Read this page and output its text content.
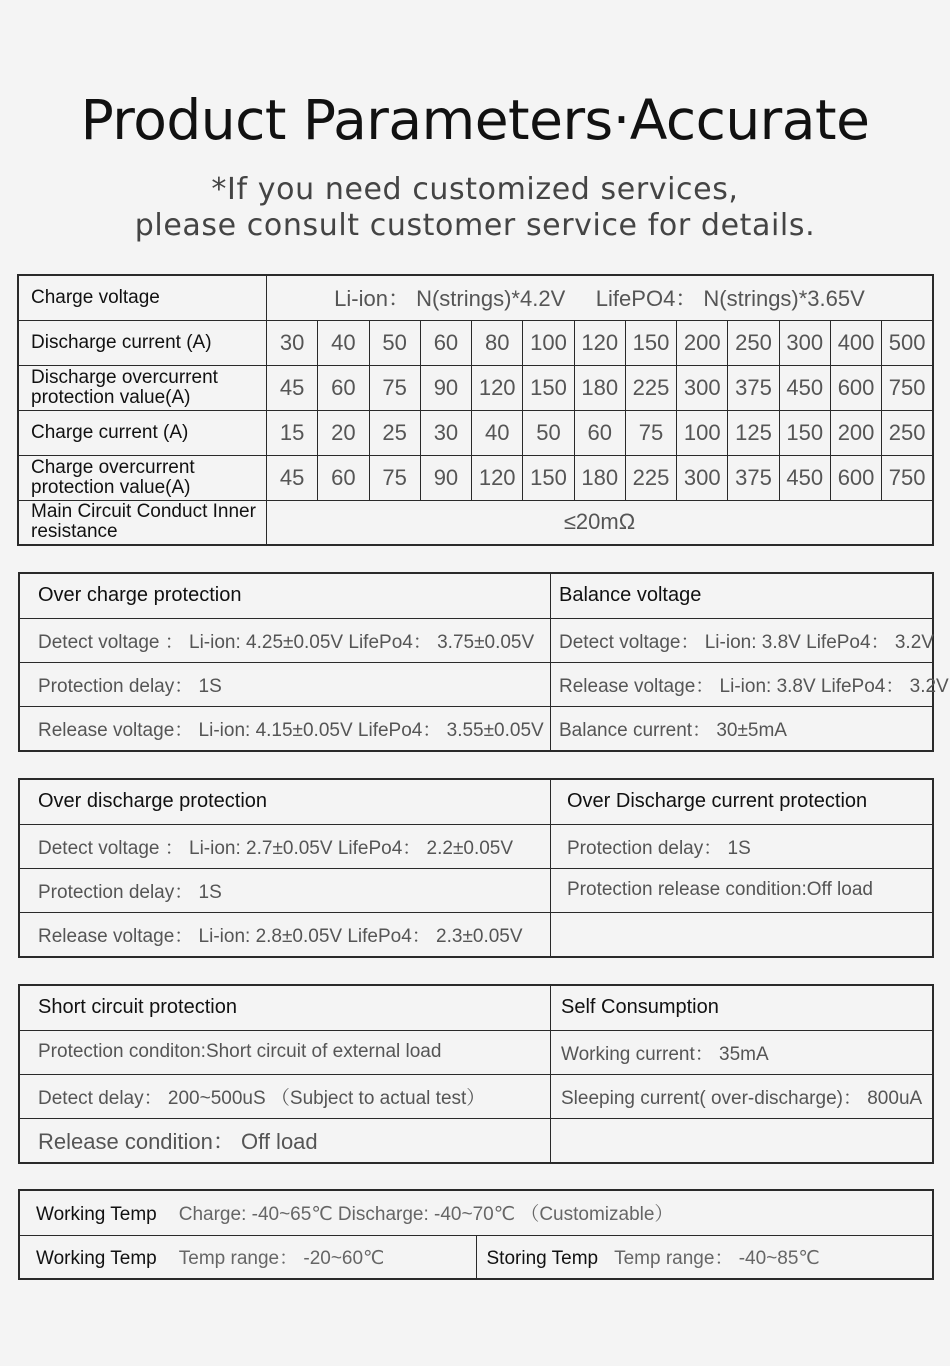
Product Parameters·Accurate
*If you need customized services,
please consult customer service for details.
Charge voltage	Li-ion： N(strings)*4.2V     LifePO4： N(strings)*3.65V												
Discharge current (A)	30	40	50	60	80	100	120	150	200	250	300	400	500
Discharge overcurrent protection value(A)	45	60	75	90	120	150	180	225	300	375	450	600	750
Charge current (A)	15	20	25	30	40	50	60	75	100	125	150	200	250
Charge overcurrent protection value(A)	45	60	75	90	120	150	180	225	300	375	450	600	750
Main Circuit Conduct Inner resistance	≤20mΩ												
Over charge protection	Balance voltage
Detect voltage ： Li-ion: 4.25±0.05V LifePo4： 3.75±0.05V	Detect voltage： Li-ion: 3.8V LifePo4： 3.2V
Protection delay： 1S	Release voltage： Li-ion: 3.8V LifePo4： 3.2V
Release voltage： Li-ion: 4.15±0.05V LifePo4： 3.55±0.05V	Balance current： 30±5mA
Over discharge protection	Over Discharge current protection
Detect voltage ： Li-ion: 2.7±0.05V LifePo4： 2.2±0.05V	Protection delay： 1S
Protection delay： 1S	Protection release condition:Off load
Release voltage： Li-ion: 2.8±0.05V LifePo4： 2.3±0.05V	
Short circuit protection	Self Consumption
Protection conditon:Short circuit of external load	Working current： 35mA
Detect delay： 200~500uS （Subject to actual test）	Sleeping current( over-discharge)： 800uA
Release condition： Off load	
Working Temp Charge: -40~65℃ Discharge: -40~70℃ （Customizable）
Working Temp Temp range： -20~60℃	Storing Temp Temp range： -40~85℃
